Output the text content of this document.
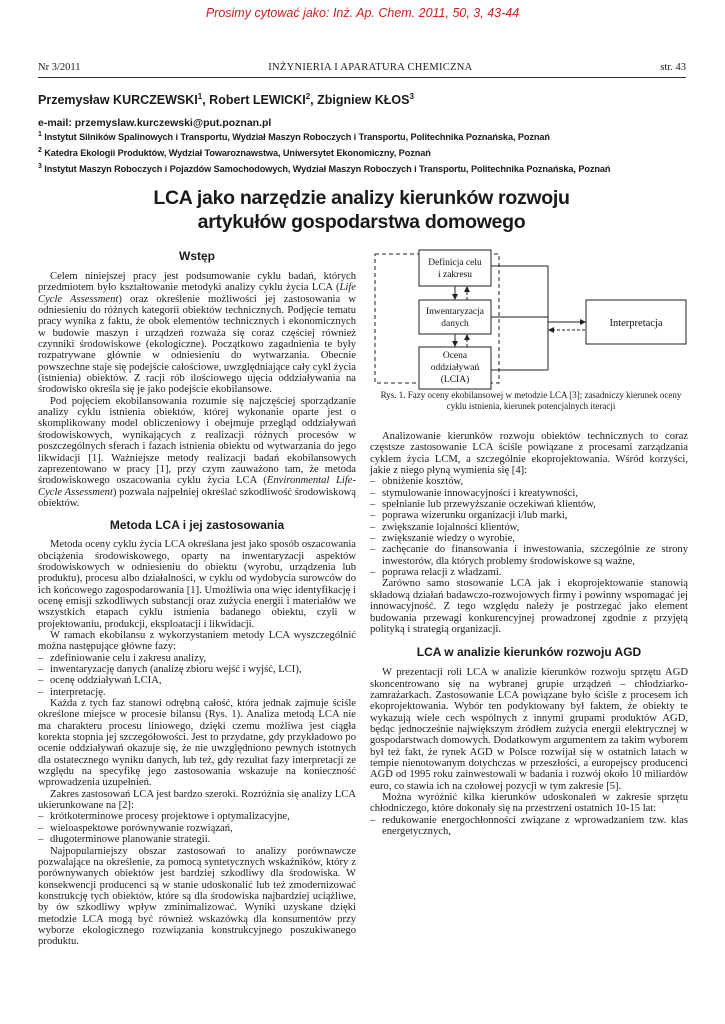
Prosimy cytować jako: Inż. Ap. Chem. 2011, 50, 3, 43-44
Nr 3/2011	INŻYNIERIA I APARATURA CHEMICZNA	str. 43
Przemysław KURCZEWSKI$^1$, Robert LEWICKI$^2$, Zbigniew KŁOS$^3$
e-mail: przemyslaw.kurczewski@put.poznan.pl
$^1$ Instytut Silników Spalinowych i Transportu, Wydział Maszyn Roboczych i Transportu, Politechnika Poznańska, Poznań
$^2$ Katedra Ekologii Produktów, Wydział Towaroznawstwa, Uniwersytet Ekonomiczny, Poznań
$^3$ Instytut Maszyn Roboczych i Pojazdów Samochodowych, Wydział Maszyn Roboczych i Transportu, Politechnika Poznańska, Poznań
LCA jako narzędzie analizy kierunków rozwoju
artykułów gospodarstwa domowego
Wstęp

Celem niniejszej pracy jest podsumowanie cyklu badań, których przedmiotem było kształtowanie metodyki analizy cyklu życia LCA (Life Cycle Assessment) oraz określenie możliwości jej zastosowania w odniesieniu do różnych kategorii obiektów technicznych. Podjęcie tematu pracy wynika z faktu, że obok elementów technicznych i ekonomicznych w budowie maszyn i urządzeń rozważa się coraz częściej również czynniki środowiskowe (ekologiczne). Początkowo zagadnienia te były rozpatrywane głównie w odniesieniu do wytwarzania. Obecnie powszechne staje się podejście całościowe, uwzględniające cały cykl życia (istnienia) obiektów. Z racji rób ilościowego ujęcia oddziaływania na środowisko określa się je jako podejście ekobilansowe.

Pod pojęciem ekobilansowania rozumie się najczęściej sporządzanie analizy cyklu istnienia obiektów, której wykonanie oparte jest o skomplikowany model obliczeniowy i obejmuje przegląd oddziaływań środowiskowych, wynikających z realizacji różnych procesów w poszczególnych sferach i fazach istnienia obiektu od wytwarzania do jego likwidacji [1]. Ważniejsze metody realizacji badań ekobilansowych zaprezentowano w pracy [1], przy czym zauważono tam, że metoda środowiskowego oszacowania cyklu życia LCA (Environmental Life-Cycle Assessment) pozwala najpełniej określać szkodliwość środowiskową obiektów.

Metoda LCA i jej zastosowania

Metoda oceny cyklu życia LCA określana jest jako sposób oszacowania obciążenia środowiskowego, oparty na inwentaryzacji aspektów środowiskowych w odniesieniu do obiektu (wyrobu, urządzenia lub produktu), procesu albo działalności, w cyklu od wydobycia surowców do ich końcowego zagospodarowania [1]. Umożliwia ona więc identyfikację i ocenę emisji szkodliwych substancji oraz zużycia energii i materiałów we wszystkich etapach cyklu istnienia badanego obiektu, czyli w projektowaniu, produkcji, eksploatacji i likwidacji.

W ramach ekobilansu z wykorzystaniem metody LCA wyszczególnić można następujące główne fazy:

– zdefiniowanie celu i zakresu analizy,

– inwentaryzację danych (analizę zbioru wejść i wyjść, LCI),

– ocenę oddziaływań LCIA,

– interpretację.

Każda z tych faz stanowi odrębną całość, która jednak zajmuje ściśle określone miejsce w procesie bilansu (Rys. 1). Analiza metodą LCA nie ma charakteru procesu liniowego, dzięki czemu możliwa jest ciągła korekta stopnia jej szczegółowości. Jest to przydatne, gdy przykładowo po ocenie oddziaływań okazuje się, że nie uwzględniono pewnych istotnych dla ostatecznego wyniku danych, lub też, gdy rezultat fazy interpretacji ze względu na specyfikę jego zastosowania wskazuje na konieczność wprowadzenia uzupełnień.

Zakres zastosowań LCA jest bardzo szeroki. Rozróżnia się analizy LCA ukierunkowane na [2]:

– krótkoterminowe procesy projektowe i optymalizacyjne,

– wieloaspektowe porównywanie rozwiązań,

– długoterminowe planowanie strategii.

Najpopularniejszy obszar zastosowań to analizy porównawcze pozwalające na określenie, za pomocą syntetycznych wskaźników, który z porównywanych obiektów jest bardziej szkodliwy dla środowiska. W konsekwencji producenci są w stanie udoskonalić lub też zmodernizować konstrukcję tych obiektów, które są dla środowiska najbardziej uciążliwe, by ów szkodliwy wpływ zminimalizować. Wyniki uzyskane dzięki metodzie LCA mogą być również wskazówką dla konsumentów przy wyborze ekologicznego rozwiązania konstrukcyjnego poszukiwanego produktu.

Definicja celu
i zakresu
Inwentaryzacja
danych
Ocena
oddziaływań
(LCIA)
Interpretacja
Rys. 1. Fazy oceny ekobilansowej w metodzie LCA [3]; zasadniczy kierunek oceny
cyklu istnienia, kierunek potencjalnych iteracji

Analizowanie kierunków rozwoju obiektów technicznych to coraz częstsze zastosowanie LCA ściśle powiązane z procesami zarządzania cyklem życia LCM, a szczególnie ekoprojektowania. Wśród korzyści, jakie z niego płyną wymienia się [4]:

– obniżenie kosztów,

– stymulowanie innowacyjności i kreatywności,

– spełnianie lub przewyższanie oczekiwań klientów,

– poprawa wizerunku organizacji i/lub marki,

– zwiększanie lojalności klientów,

– zwiększanie wiedzy o wyrobie,

– zachęcanie do finansowania i inwestowania, szczególnie ze strony inwestorów, dla których problemy środowiskowe są ważne,

– poprawa relacji z władzami.

Zarówno samo stosowanie LCA jak i ekoprojektowanie stanowią składową działań badawczo-rozwojowych firmy i powinny wspomagać jej innowacyjność. Z tego względu należy je postrzegać jako element budowania przewagi konkurencyjnej prowadzonej zgodnie z przyjętą polityką i strategią organizacji.

LCA w analizie kierunków rozwoju AGD

W prezentacji roli LCA w analizie kierunków rozwoju sprzętu AGD skoncentrowano się na wybranej grupie urządzeń – chłodziarko-zamrażarkach. Zastosowanie LCA powiązane było ściśle z procesem ich ekoprojektowania. Wybór ten podyktowany był faktem, że obiekty te wykazują wiele cech wspólnych z innymi grupami produktów AGD, będąc jednocześnie największym źródłem zużycia energii elektrycznej w gospodarstwach domowych. Dodatkowym argumentem za takim wyborem był też fakt, że rynek AGD w Polsce rozwijał się w ostatnich latach w tempie nienotowanym dotychczas w przeszłości, a europejscy producenci AGD od 1995 roku zainwestowali w badania i rozwój około 10 miliardów euro, co stawia ich na czołowej pozycji w tym zakresie [5].

Można wyróżnić kilka kierunków udoskonaleń w zakresie sprzętu chłodniczego, które dokonały się na przestrzeni ostatnich 10-15 lat:

– redukowanie energochłonności związane z wprowadzaniem tzw. klas energetycznych,
